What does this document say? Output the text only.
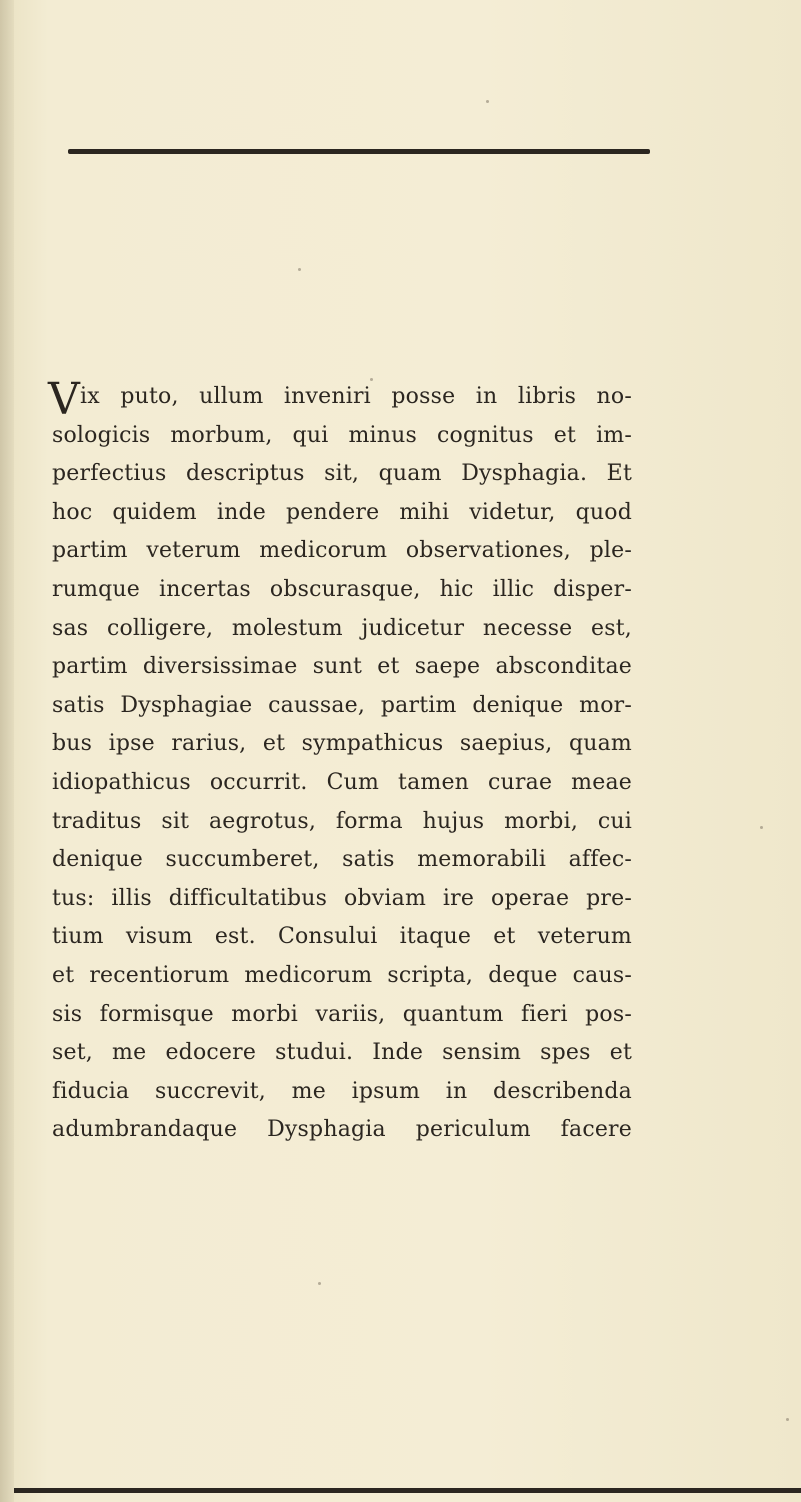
V ix puto, ullum inveniri posse in libris no-
sologicis morbum, qui minus cognitus et im-
perfectius descriptus sit, quam Dysphagia. Et
hoc quidem inde pendere mihi videtur, quod
partim veterum medicorum observationes, ple-
rumque incertas obscurasque, hic illic disper-
sas colligere, molestum judicetur necesse est,
partim diversissimae sunt et saepe absconditae
satis Dysphagiae caussae, partim denique mor-
bus ipse rarius, et sympathicus saepius, quam
idiopathicus occurrit. Cum tamen curae meae
traditus sit aegrotus, forma hujus morbi, cui
denique succumberet, satis memorabili affec-
tus: illis difficultatibus obviam ire operae pre-
tium visum est. Consului itaque et veterum
et recentiorum medicorum scripta, deque caus-
sis formisque morbi variis, quantum fieri pos-
set, me edocere studui. Inde sensim spes et
fiducia succrevit, me ipsum in describenda
adumbrandaque Dysphagia periculum facere
